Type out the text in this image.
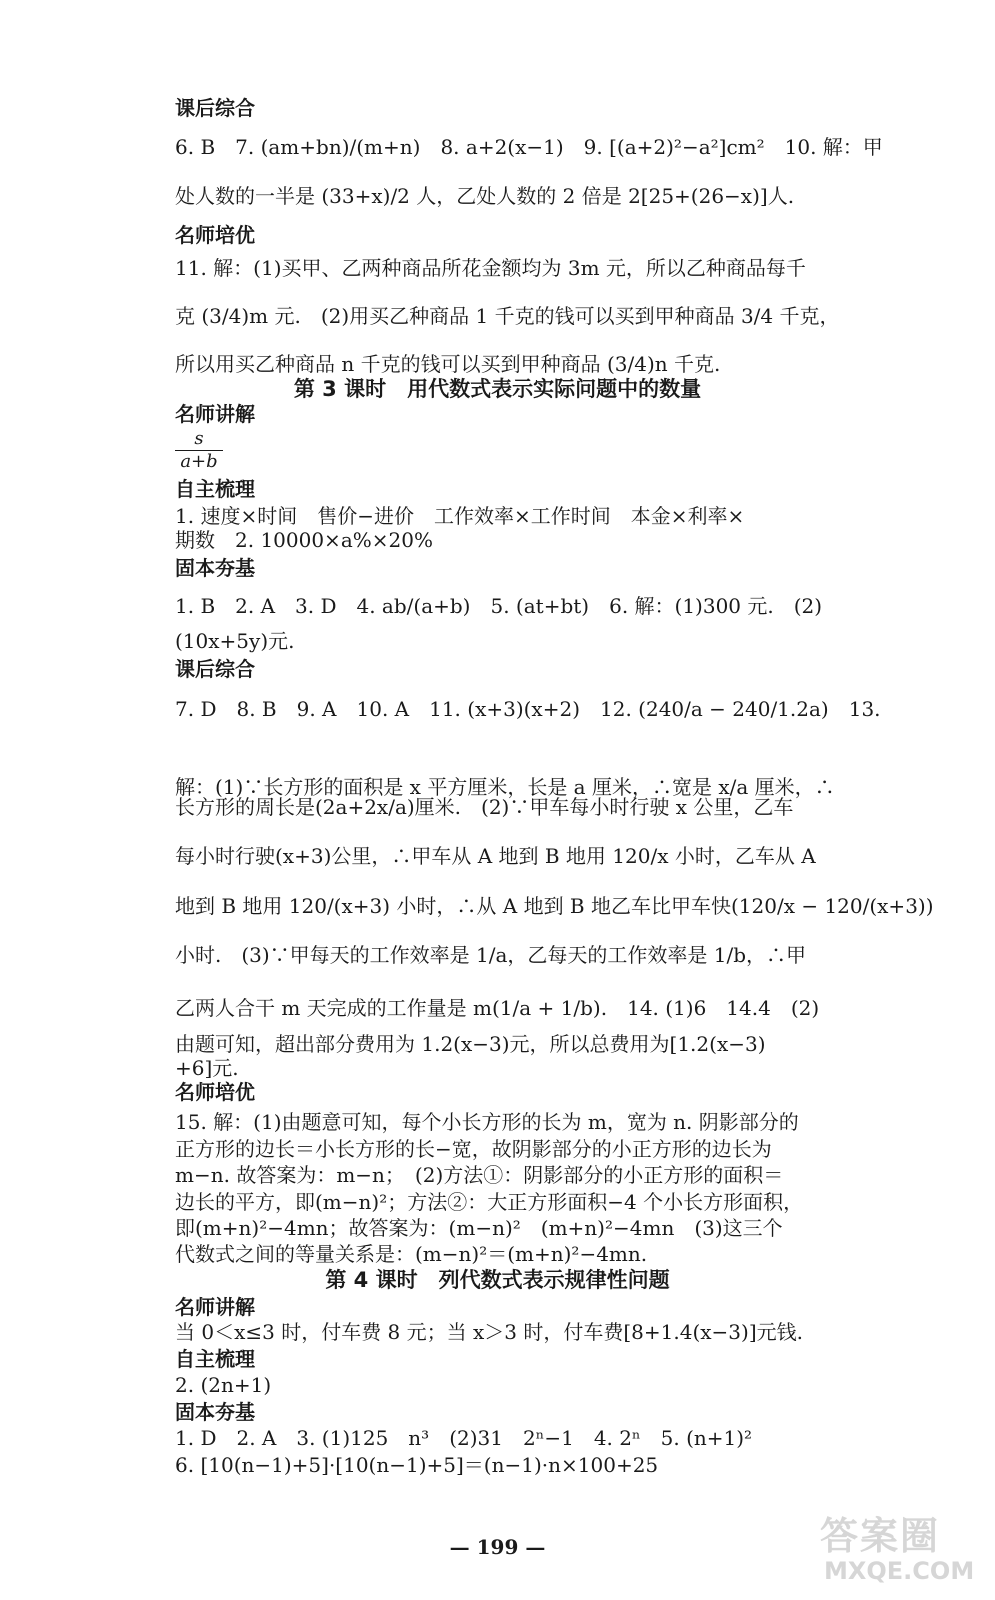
课后综合
6. B　7. (am+bn)/(m+n)　8. a+2(x−1)　9. [(a+2)²−a²]cm²　10. 解：甲
处人数的一半是 (33+x)/2 人，乙处人数的 2 倍是 2[25+(26−x)]人.
名师培优
11. 解：(1)买甲、乙两种商品所花金额均为 3m 元，所以乙种商品每千
克 (3/4)m 元.　(2)用买乙种商品 1 千克的钱可以买到甲种商品 3/4 千克，
所以用买乙种商品 n 千克的钱可以买到甲种商品 (3/4)n 千克.
第 3 课时　用代数式表示实际问题中的数量
名师讲解
$\frac{s}{a+b}$
自主梳理
1. 速度×时间　售价−进价　工作效率×工作时间　本金×利率×
期数　2. 10000×a%×20%
固本夯基
1. B　2. A　3. D　4. ab/(a+b)　5. (at+bt)　6. 解：(1)300 元.　(2)
(10x+5y)元.
课后综合
7. D　8. B　9. A　10. A　11. (x+3)(x+2)　12. (240/a − 240/1.2a)　13.
解：(1)∵长方形的面积是 x 平方厘米，长是 a 厘米，∴宽是 x/a 厘米，∴
长方形的周长是(2a+2x/a)厘米.　(2)∵甲车每小时行驶 x 公里，乙车
每小时行驶(x+3)公里，∴甲车从 A 地到 B 地用 120/x 小时，乙车从 A
地到 B 地用 120/(x+3) 小时，∴从 A 地到 B 地乙车比甲车快(120/x − 120/(x+3))
小时.　(3)∵甲每天的工作效率是 1/a，乙每天的工作效率是 1/b，∴甲
乙两人合干 m 天完成的工作量是 m(1/a + 1/b).　14. (1)6　14.4　(2)
由题可知，超出部分费用为 1.2(x−3)元，所以总费用为[1.2(x−3)
+6]元.
名师培优
15. 解：(1)由题意可知，每个小长方形的长为 m，宽为 n. 阴影部分的
正方形的边长＝小长方形的长−宽，故阴影部分的小正方形的边长为
m−n. 故答案为：m−n；　(2)方法①：阴影部分的小正方形的面积＝
边长的平方，即(m−n)²；方法②：大正方形面积−4 个小长方形面积，
即(m+n)²−4mn；故答案为：(m−n)²　(m+n)²−4mn　(3)这三个
代数式之间的等量关系是：(m−n)²＝(m+n)²−4mn.
第 4 课时　列代数式表示规律性问题
名师讲解
当 0＜x≤3 时，付车费 8 元；当 x＞3 时，付车费[8+1.4(x−3)]元钱.
自主梳理
2. (2n+1)
固本夯基
1. D　2. A　3. (1)125　n³　(2)31　2ⁿ−1　4. 2ⁿ　5. (n+1)²
6. [10(n−1)+5]·[10(n−1)+5]＝(n−1)·n×100+25
— 199 —	答案圈
MXQE.COM
